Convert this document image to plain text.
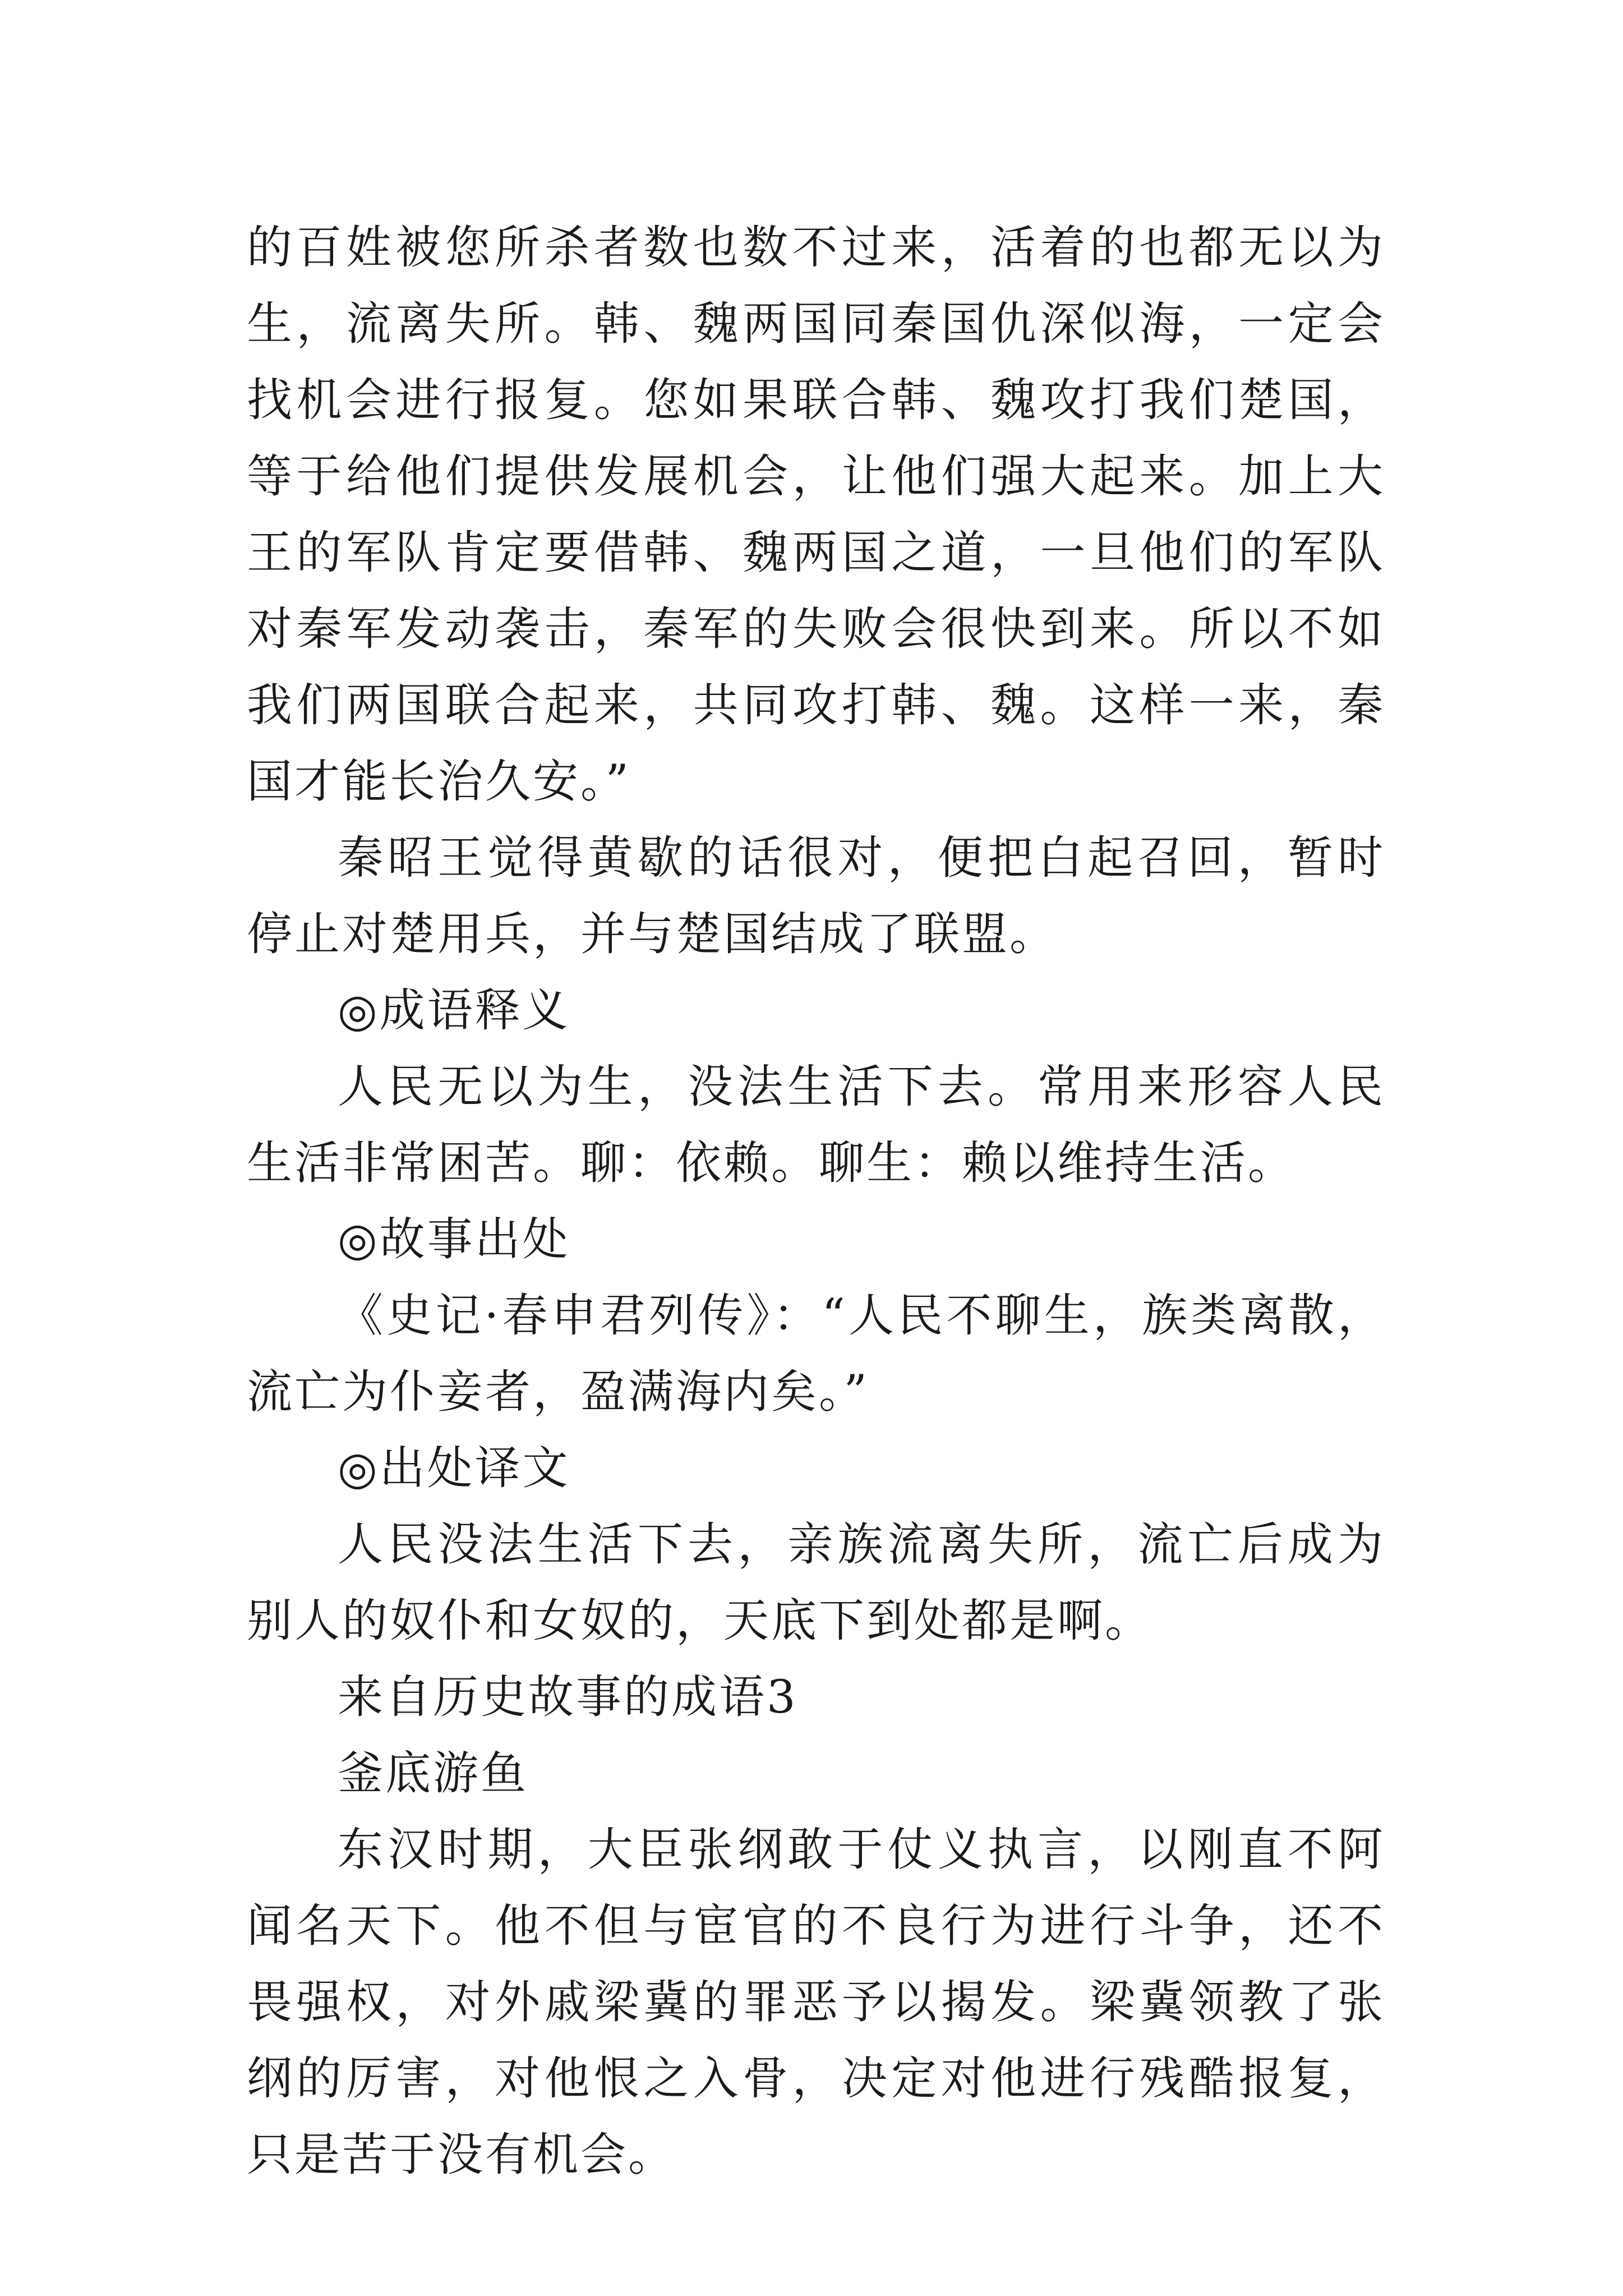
的百姓被您所杀者数也数不过来，活着的也都无以为生，流离失所。韩、魏两国同秦国仇深似海，一定会找机会进行报复。您如果联合韩、魏攻打我们楚国，等于给他们提供发展机会，让他们强大起来。加上大王的军队肯定要借韩、魏两国之道，一旦他们的军队对秦军发动袭击，秦军的失败会很快到来。所以不如我们两国联合起来，共同攻打韩、魏。这样一来，秦国才能长治久安。”

秦昭王觉得黄歇的话很对，便把白起召回，暂时停止对楚用兵，并与楚国结成了联盟。

◎成语释义

人民无以为生，没法生活下去。常用来形容人民生活非常困苦。聊：依赖。聊生：赖以维持生活。

◎故事出处

《史记·春申君列传》：“人民不聊生，族类离散，流亡为仆妾者，盈满海内矣。”

◎出处译文

人民没法生活下去，亲族流离失所，流亡后成为别人的奴仆和女奴的，天底下到处都是啊。

来自历史故事的成语3

釜底游鱼

东汉时期，大臣张纲敢于仗义执言，以刚直不阿闻名天下。他不但与宦官的不良行为进行斗争，还不畏强权，对外戚梁冀的罪恶予以揭发。梁冀领教了张纲的厉害，对他恨之入骨，决定对他进行残酷报复，只是苦于没有机会。
